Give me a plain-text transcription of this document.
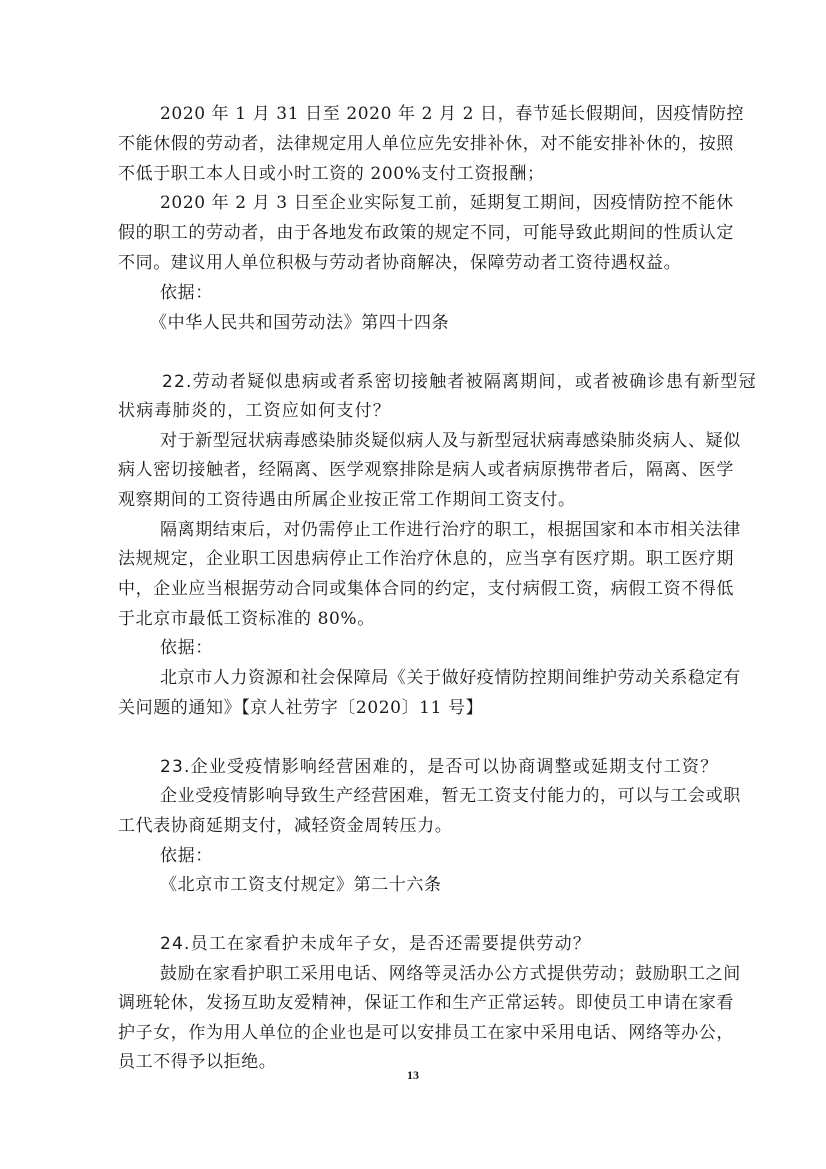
2020 年 1 月 31 日至 2020 年 2 月 2 日，春节延长假期间，因疫情防控
不能休假的劳动者，法律规定用人单位应先安排补休，对不能安排补休的，按照
不低于职工本人日或小时工资的 200%支付工资报酬；
2020 年 2 月 3 日至企业实际复工前，延期复工期间，因疫情防控不能休
假的职工的劳动者，由于各地发布政策的规定不同，可能导致此期间的性质认定
不同。建议用人单位积极与劳动者协商解决，保障劳动者工资待遇权益。
依据：
《中华人民共和国劳动法》第四十四条
22.劳动者疑似患病或者系密切接触者被隔离期间，或者被确诊患有新型冠
状病毒肺炎的，工资应如何支付？
对于新型冠状病毒感染肺炎疑似病人及与新型冠状病毒感染肺炎病人、疑似
病人密切接触者，经隔离、医学观察排除是病人或者病原携带者后，隔离、医学
观察期间的工资待遇由所属企业按正常工作期间工资支付。
隔离期结束后，对仍需停止工作进行治疗的职工，根据国家和本市相关法律
法规规定，企业职工因患病停止工作治疗休息的，应当享有医疗期。职工医疗期
中，企业应当根据劳动合同或集体合同的约定，支付病假工资，病假工资不得低
于北京市最低工资标准的 80%。
依据：
北京市人力资源和社会保障局《关于做好疫情防控期间维护劳动关系稳定有
关问题的通知》【京人社劳字〔2020〕11 号】
23.企业受疫情影响经营困难的，是否可以协商调整或延期支付工资？
企业受疫情影响导致生产经营困难，暂无工资支付能力的，可以与工会或职
工代表协商延期支付，减轻资金周转压力。
依据：
《北京市工资支付规定》第二十六条
24.员工在家看护未成年子女，是否还需要提供劳动？
鼓励在家看护职工采用电话、网络等灵活办公方式提供劳动；鼓励职工之间
调班轮休，发扬互助友爱精神，保证工作和生产正常运转。即使员工申请在家看
护子女，作为用人单位的企业也是可以安排员工在家中采用电话、网络等办公，
员工不得予以拒绝。
13
